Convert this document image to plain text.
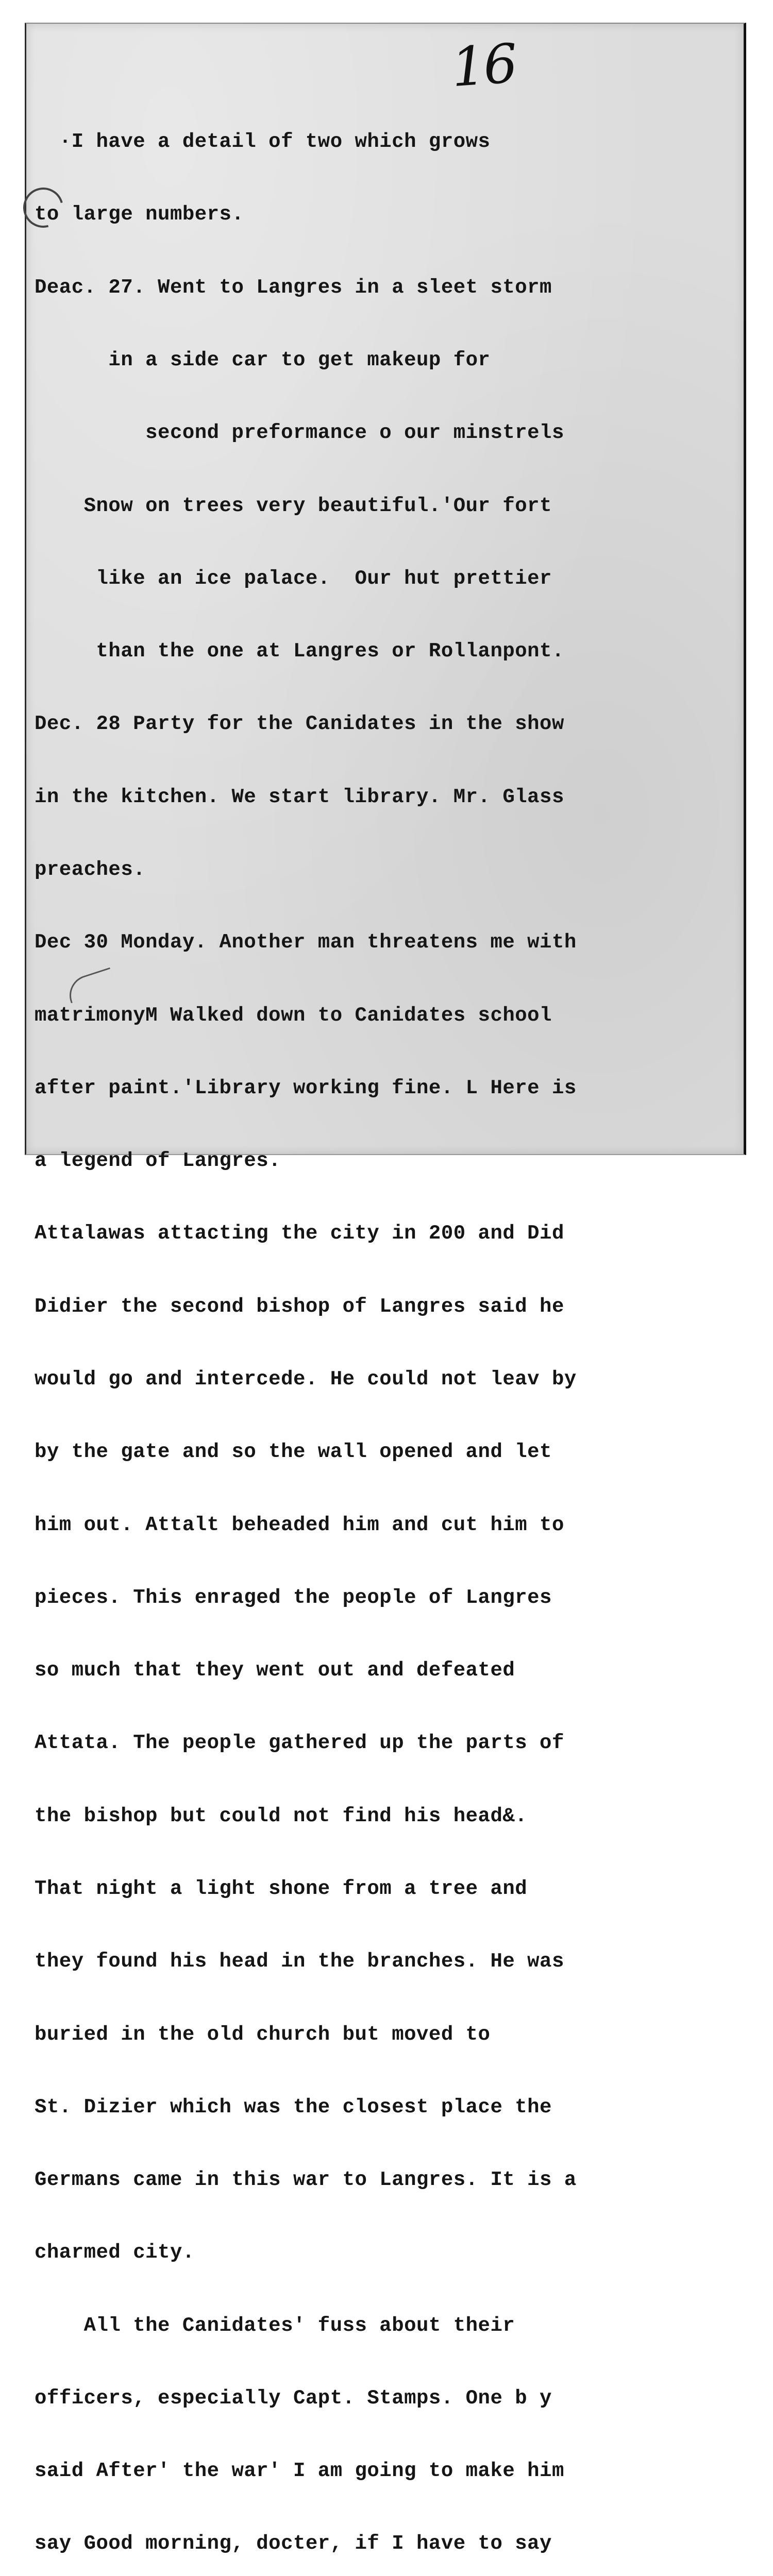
16

·I have a detail of two which grows

to large numbers.

Deac. 27. Went to Langres in a sleet storm

in a side car to get makeup for

second preformance o our minstrels

Snow on trees very beautiful.'Our fort

like an ice palace.  Our hut prettier

than the one at Langres or Rollanpont.

Dec. 28 Party for the Canidates in the show

in the kitchen. We start library. Mr. Glass

preaches.

Dec 30 Monday. Another man threatens me with

matrimonyM Walked down to Canidates school

after paint.'Library working fine. L Here is

a legend of Langres.

Attalawas attacting the city in 200 and Did

Didier the second bishop of Langres said he

would go and intercede. He could not leav by

by the gate and so the wall opened and let

him out. Attalt beheaded him and cut him to

pieces. This enraged the people of Langres

so much that they went out and defeated

Attata. The people gathered up the parts of

the bishop but could not find his head&.

That night a light shone from a tree and

they found his head in the branches. He was

buried in the old church but moved to

St. Dizier which was the closest place the

Germans came in this war to Langres. It is a

charmed city.

All the Canidates' fuss about their

officers, especially Capt. Stamps. One b y

said After' the war' I am going to make him

say Good morning, docter, if I have to say
